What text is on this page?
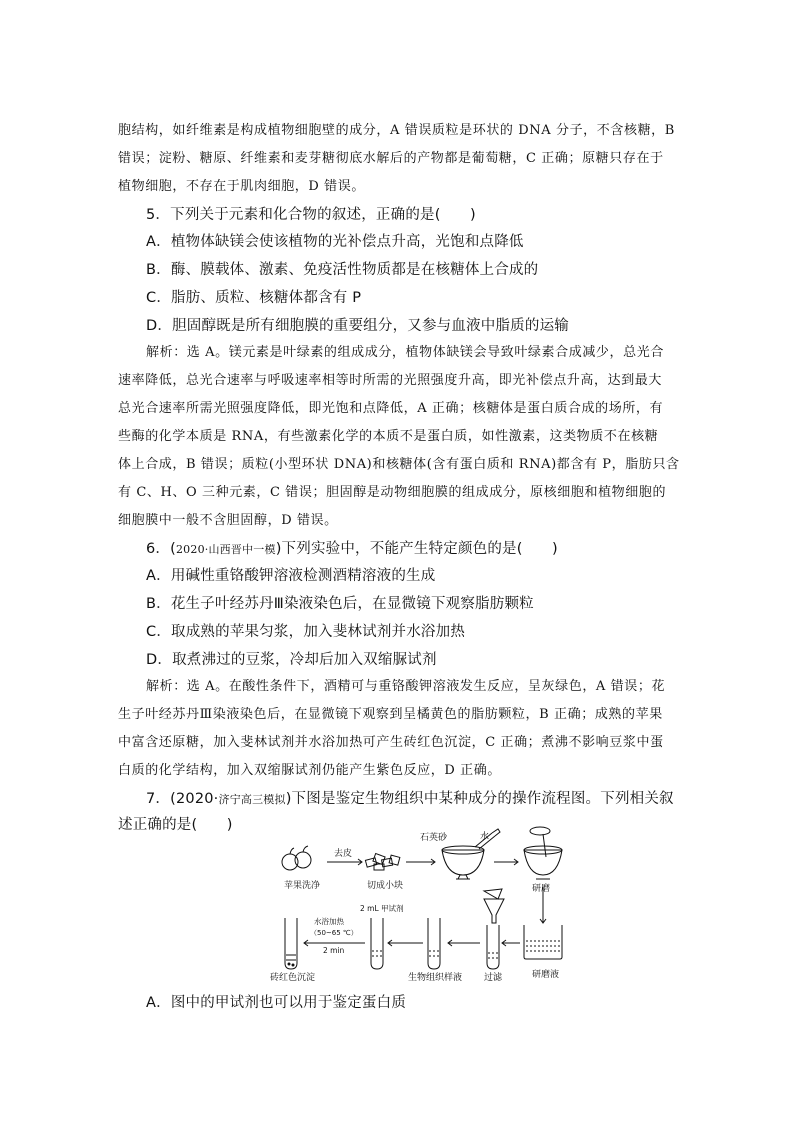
胞结构，如纤维素是构成植物细胞壁的成分，A 错误质粒是环状的 DNA 分子，不含核糖，B
错误；淀粉、糖原、纤维素和麦芽糖彻底水解后的产物都是葡萄糖，C 正确；原糖只存在于
植物细胞，不存在于肌肉细胞，D 错误。
5．下列关于元素和化合物的叙述，正确的是(　　)
A．植物体缺镁会使该植物的光补偿点升高，光饱和点降低
B．酶、膜载体、激素、免疫活性物质都是在核糖体上合成的
C．脂肪、质粒、核糖体都含有 P
D．胆固醇既是所有细胞膜的重要组分，又参与血液中脂质的运输
解析：选 A。镁元素是叶绿素的组成成分，植物体缺镁会导致叶绿素合成减少，总光合
速率降低，总光合速率与呼吸速率相等时所需的光照强度升高，即光补偿点升高，达到最大
总光合速率所需光照强度降低，即光饱和点降低，A 正确；核糖体是蛋白质合成的场所，有
些酶的化学本质是 RNA，有些激素化学的本质不是蛋白质，如性激素，这类物质不在核糖
体上合成，B 错误；质粒(小型环状 DNA)和核糖体(含有蛋白质和 RNA)都含有 P，脂肪只含
有 C、H、O 三种元素，C 错误；胆固醇是动物细胞膜的组成成分，原核细胞和植物细胞的
细胞膜中一般不含胆固醇，D 错误。
6．(2020·山西晋中一模)下列实验中，不能产生特定颜色的是(　　)
A．用碱性重铬酸钾溶液检测酒精溶液的生成
B．花生子叶经苏丹Ⅲ染液染色后，在显微镜下观察脂肪颗粒
C．取成熟的苹果匀浆，加入斐林试剂并水浴加热
D．取煮沸过的豆浆，冷却后加入双缩脲试剂
解析：选 A。在酸性条件下，酒精可与重铬酸钾溶液发生反应，呈灰绿色，A 错误；花
生子叶经苏丹Ⅲ染液染色后，在显微镜下观察到呈橘黄色的脂肪颗粒，B 正确；成熟的苹果
中富含还原糖，加入斐林试剂并水浴加热可产生砖红色沉淀，C 正确；煮沸不影响豆浆中蛋
白质的化学结构，加入双缩脲试剂仍能产生紫色反应，D 正确。
7．(2020·济宁高三模拟)下图是鉴定生物组织中某种成分的操作流程图。下列相关叙
述正确的是(　　)
苹果洗净
去皮
切成小块
石英砂	水
研磨
研磨液
过滤
生物组织样液
2 mL 甲试剂
水浴加热
（50~65 ℃）
2 min
砖红色沉淀
A．图中的甲试剂也可以用于鉴定蛋白质
